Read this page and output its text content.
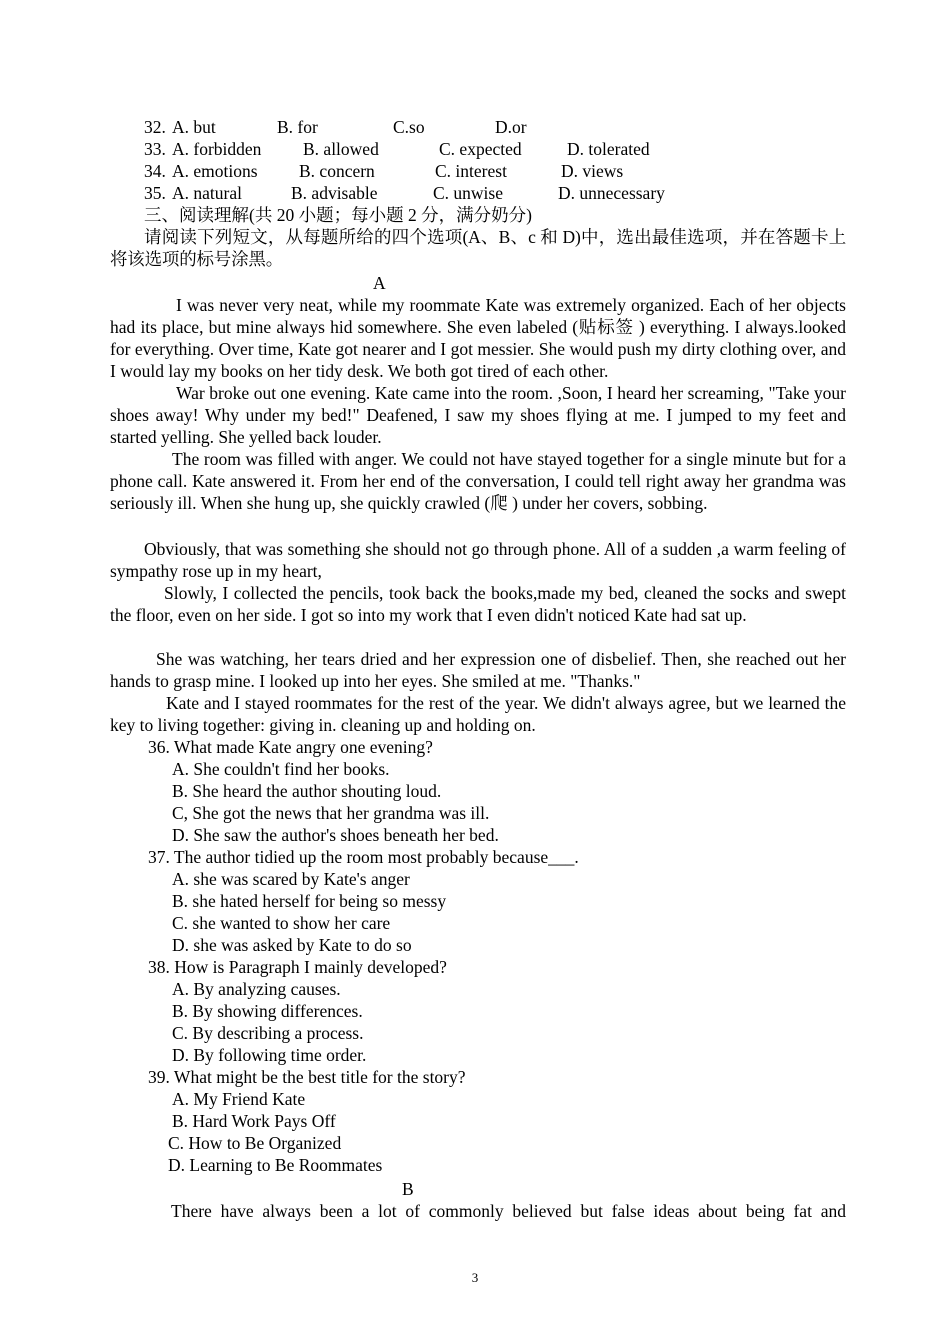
32. A. but	B. for	C.so	D.or
33. A. forbidden B. allowed	C. expected	D. tolerated
34. A. emotions B. concern	C. interest	D. views
35. A. natural	B. advisable	C. unwise	D. unnecessary
三、阅读理解(共 20 小题；每小题 2 分，满分奶分)
请阅读下列短文，从每题所给的四个选项(A、B、c 和 D)中，选出最佳选项，并在答题卡上将该选项的标号涂黑。
A

I was never very neat, while my roommate Kate was extremely organized. Each of her objects had its place, but mine always hid somewhere. She even labeled (贴标签 ) everything. I always.looked for everything. Over time, Kate got nearer and I got messier. She would push my dirty clothing over, and I would lay my books on her tidy desk. We both got tired of each other.

War broke out one evening. Kate came into the room. ,Soon, I heard her screaming, "Take your shoes away! Why under my bed!" Deafened, I saw my shoes flying at me. I jumped to my feet and started yelling. She yelled back louder.

The room was filled with anger. We could not have stayed together for a single minute but for a phone call. Kate answered it. From her end of the conversation, I could tell right away her grandma was seriously ill. When she hung up, she quickly crawled (爬 ) under her covers, sobbing.

Obviously, that was something she should not go through phone. All of a sudden ,a warm feeling of sympathy rose up in my heart,

Slowly, I collected the pencils, took back the books,made my bed, cleaned the socks and swept the floor, even on her side. I got so into my work that I even didn't noticed Kate had sat up.

She was watching, her tears dried and her expression one of disbelief. Then, she reached out her hands to grasp mine. I looked up into her eyes. She smiled at me. "Thanks."

Kate and I stayed roommates for the rest of the year. We didn't always agree, but we learned the key to living together: giving in. cleaning up and holding on.

36. What made Kate angry one evening?
A. She couldn't find her books.
B. She heard the author shouting loud.
C, She got the news that her grandma was ill.
D. She saw the author's shoes beneath her bed.
37. The author tidied up the room most probably because___.
A. she was scared by Kate's anger
B. she hated herself for being so messy
C. she wanted to show her care
D. she was asked by Kate to do so
38. How is Paragraph I mainly developed?
A. By analyzing causes.
B. By showing differences.
C. By describing a process.
D. By following time order.
39. What might be the best title for the story?
A. My Friend Kate
B. Hard Work Pays Off
C. How to Be Organized
D. Learning to Be Roommates
B
There have always been a lot of commonly believed but false ideas about being fat and
3
